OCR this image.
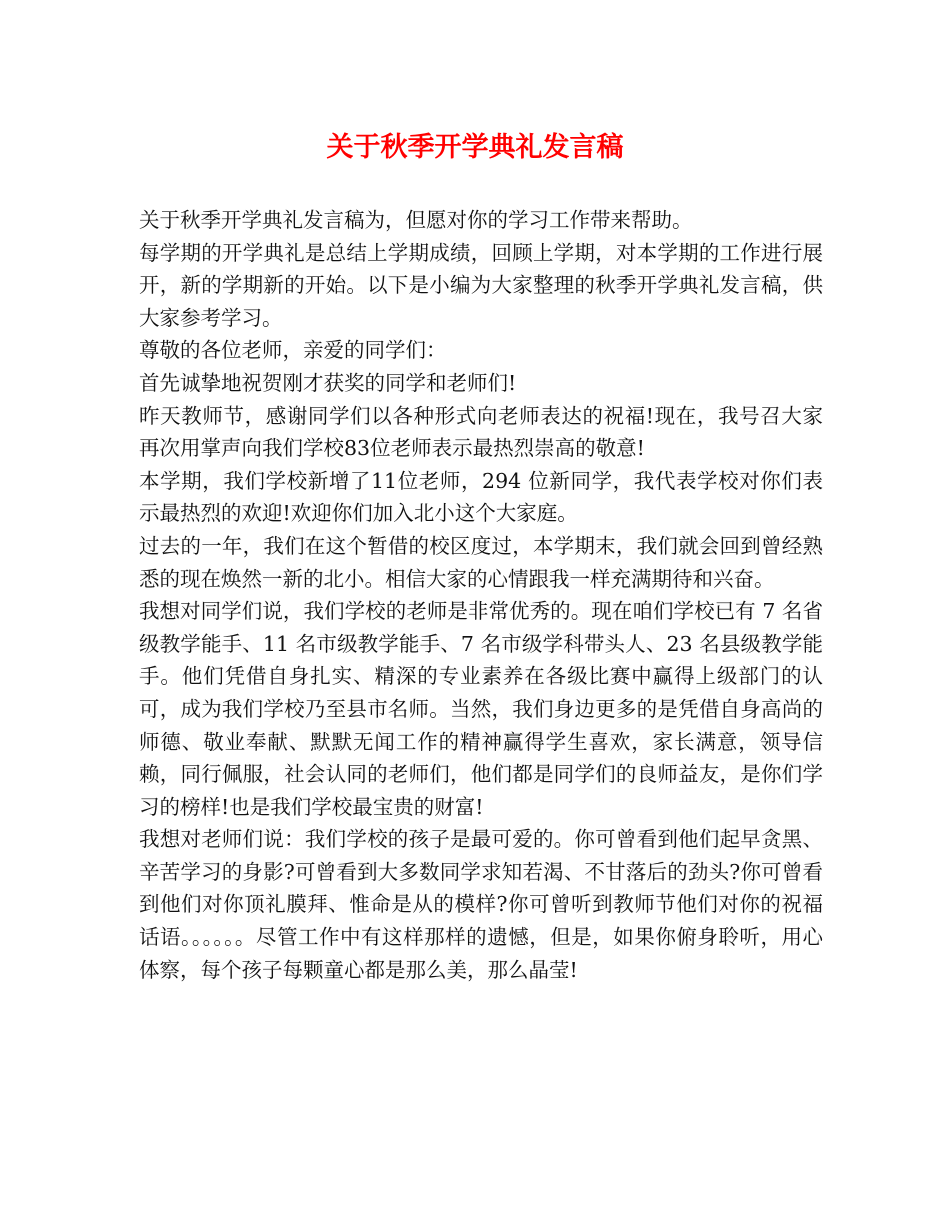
关于秋季开学典礼发言稿

关于秋季开学典礼发言稿为，但愿对你的学习工作带来帮助。

每学期的开学典礼是总结上学期成绩，回顾上学期，对本学期的工作进行展开，新的学期新的开始。以下是小编为大家整理的秋季开学典礼发言稿，供大家参考学习。

尊敬的各位老师，亲爱的同学们：

首先诚挚地祝贺刚才获奖的同学和老师们!

昨天教师节，感谢同学们以各种形式向老师表达的祝福!现在，我号召大家再次用掌声向我们学校83位老师表示最热烈崇高的敬意!

本学期，我们学校新增了11位老师，294 位新同学，我代表学校对你们表示最热烈的欢迎!欢迎你们加入北小这个大家庭。

过去的一年，我们在这个暂借的校区度过，本学期末，我们就会回到曾经熟悉的现在焕然一新的北小。相信大家的心情跟我一样充满期待和兴奋。

我想对同学们说，我们学校的老师是非常优秀的。现在咱们学校已有 7 名省级教学能手、11 名市级教学能手、7 名市级学科带头人、23 名县级教学能手。他们凭借自身扎实、精深的专业素养在各级比赛中赢得上级部门的认可，成为我们学校乃至县市名师。当然，我们身边更多的是凭借自身高尚的师德、敬业奉献、默默无闻工作的精神赢得学生喜欢，家长满意，领导信赖，同行佩服，社会认同的老师们，他们都是同学们的良师益友，是你们学习的榜样!也是我们学校最宝贵的财富!

我想对老师们说：我们学校的孩子是最可爱的。你可曾看到他们起早贪黑、辛苦学习的身影?可曾看到大多数同学求知若渴、不甘落后的劲头?你可曾看到他们对你顶礼膜拜、惟命是从的模样?你可曾听到教师节他们对你的祝福话语。。。。。。尽管工作中有这样那样的遗憾，但是，如果你俯身聆听，用心体察，每个孩子每颗童心都是那么美，那么晶莹!
